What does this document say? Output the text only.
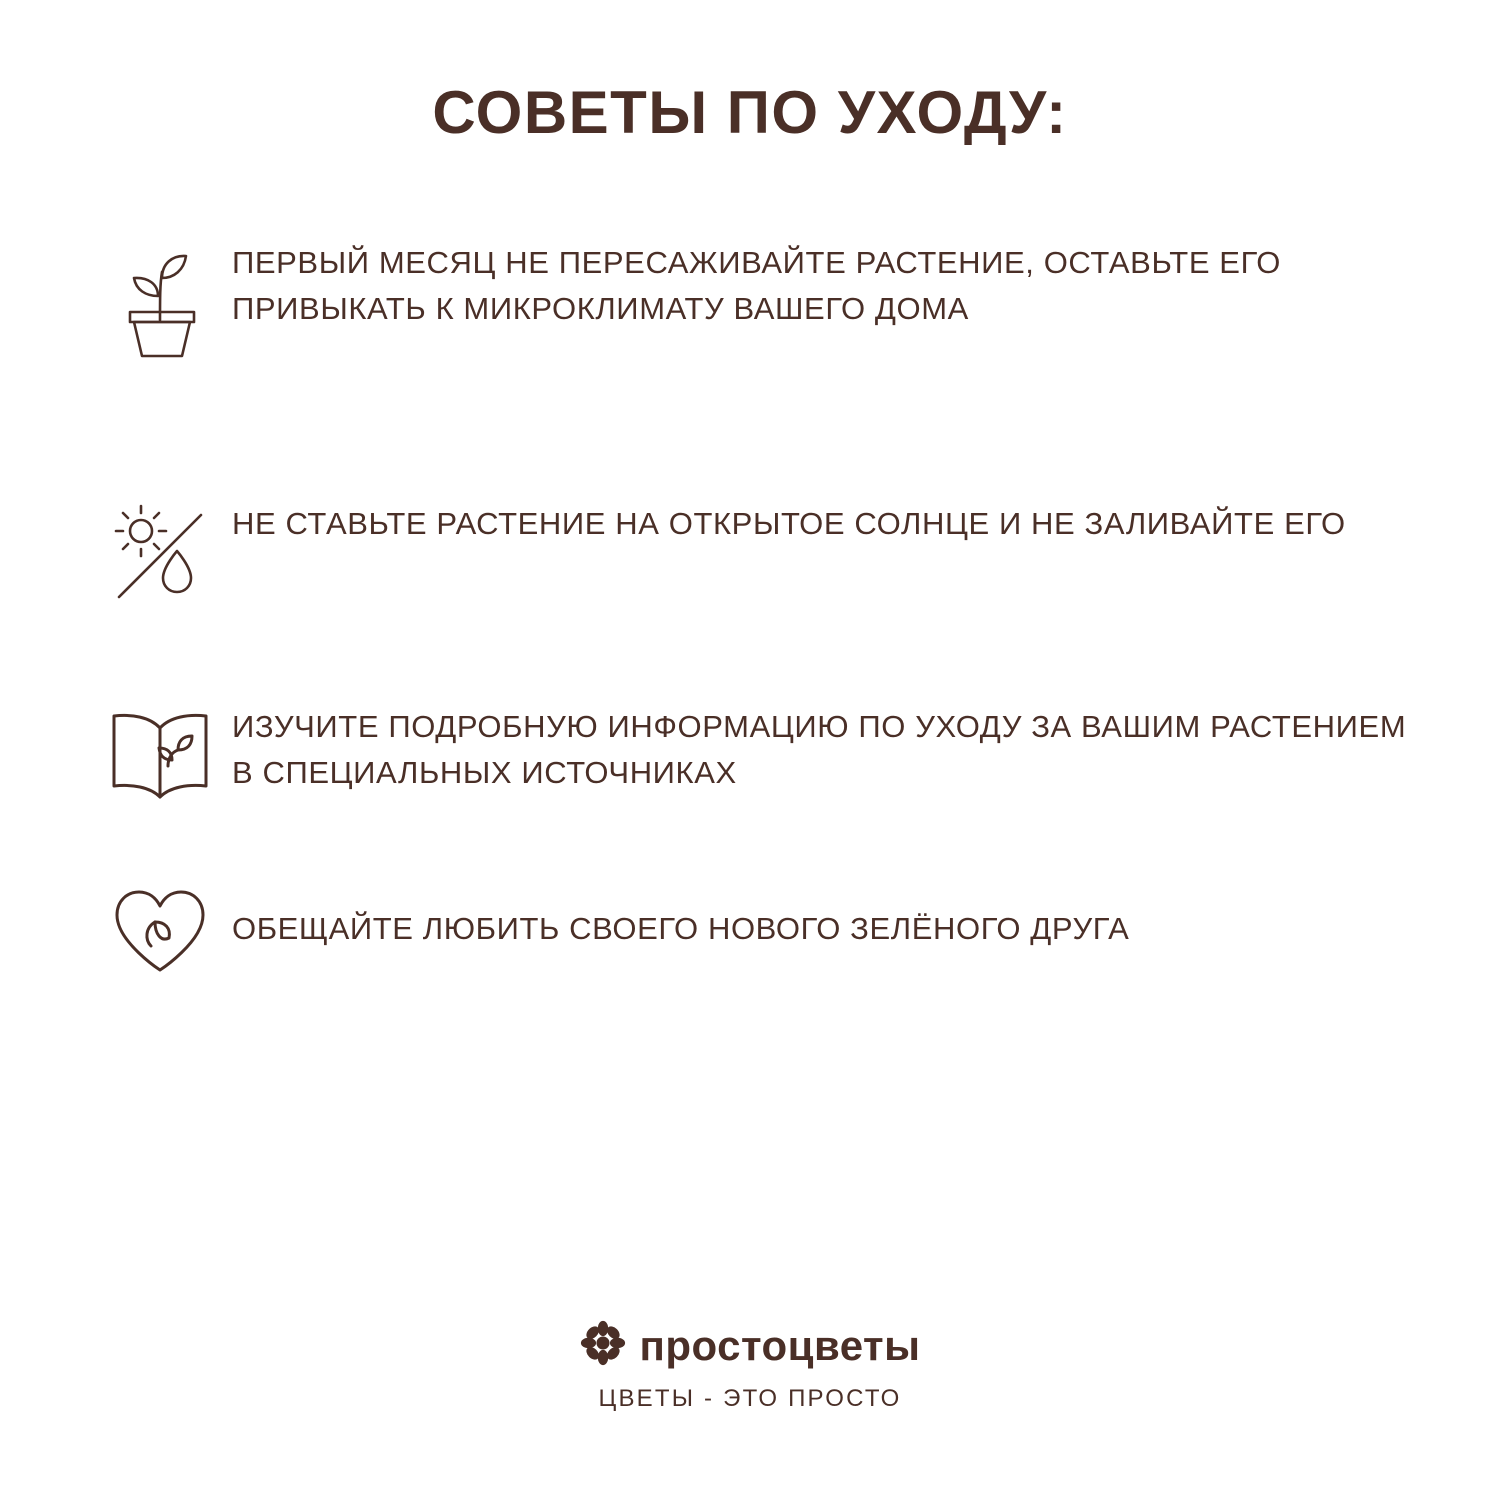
СОВЕТЫ ПО УХОДУ:
ПЕРВЫЙ МЕСЯЦ НЕ ПЕРЕСАЖИВАЙТЕ РАСТЕНИЕ, ОСТАВЬТЕ ЕГО ПРИВЫКАТЬ К МИКРОКЛИМАТУ ВАШЕГО ДОМА
НЕ СТАВЬТЕ РАСТЕНИЕ НА ОТКРЫТОЕ СОЛНЦЕ И НЕ ЗАЛИВАЙТЕ ЕГО
ИЗУЧИТЕ ПОДРОБНУЮ ИНФОРМАЦИЮ ПО УХОДУ ЗА ВАШИМ РАСТЕНИЕМ В СПЕЦИАЛЬНЫХ ИСТОЧНИКАХ
ОБЕЩАЙТЕ ЛЮБИТЬ СВОЕГО НОВОГО ЗЕЛЁНОГО ДРУГА
простоцветы
ЦВЕТЫ - ЭТО ПРОСТО
